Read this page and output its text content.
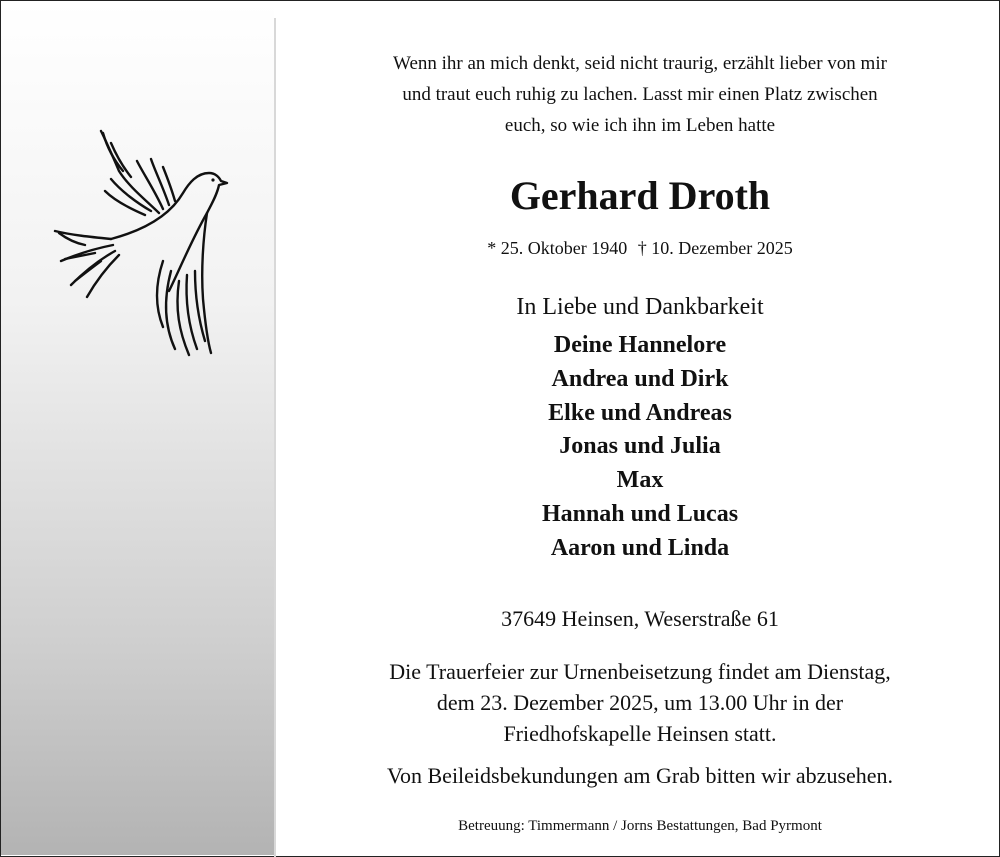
Wenn ihr an mich denkt, seid nicht traurig, erzählt lieber von mir
und traut euch ruhig zu lachen. Lasst mir einen Platz zwischen
euch, so wie ich ihn im Leben hatte
Gerhard Droth
* 25. Oktober 1940 † 10. Dezember 2025
In Liebe und Dankbarkeit
Deine Hannelore
Andrea und Dirk
Elke und Andreas
Jonas und Julia
Max
Hannah und Lucas
Aaron und Linda
37649 Heinsen, Weserstraße 61
Die Trauerfeier zur Urnenbeisetzung findet am Dienstag,
dem 23. Dezember 2025, um 13.00 Uhr in der
Friedhofskapelle Heinsen statt.
Von Beileidsbekundungen am Grab bitten wir abzusehen.
Betreuung: Timmermann / Jorns Bestattungen, Bad Pyrmont
